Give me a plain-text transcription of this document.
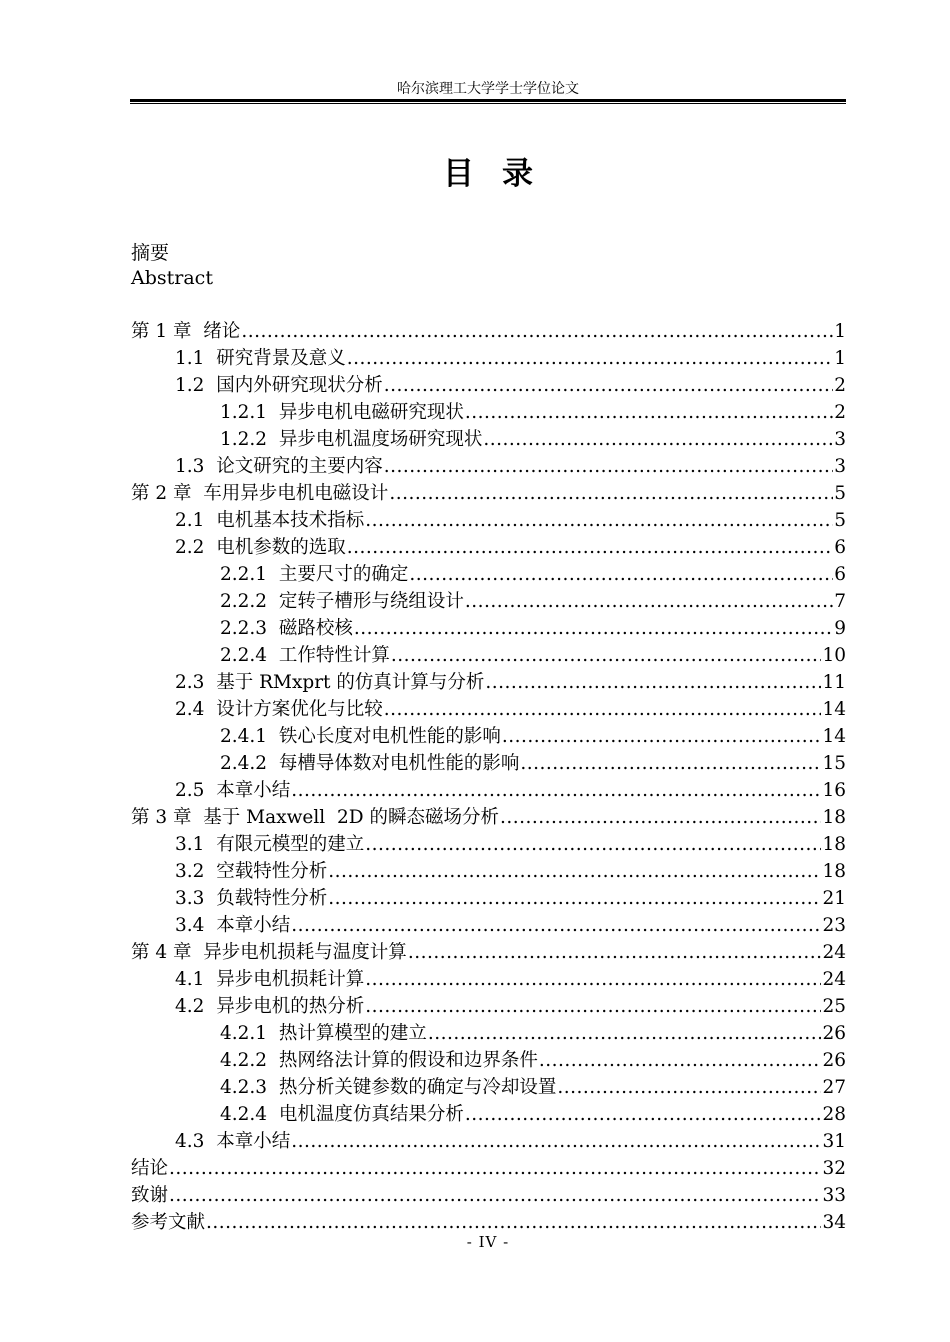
哈尔滨理工大学学士学位论文
目录
摘要
Abstract
第 1 章 绪论 .....	1
1.1 研究背景及意义 .....	1
1.2 国内外研究现状分析 .....	2
1.2.1 异步电机电磁研究现状 .....	2
1.2.2 异步电机温度场研究现状 .....	3
1.3 论文研究的主要内容 .....	3
第 2 章 车用异步电机电磁设计 .....	5
2.1 电机基本技术指标 .....	5
2.2 电机参数的选取 .....	6
2.2.1 主要尺寸的确定 .....	6
2.2.2 定转子槽形与绕组设计 .....	7
2.2.3 磁路校核 .....	9
2.2.4 工作特性计算 .....	10
2.3 基于 RMxprt 的仿真计算与分析 .....	11
2.4 设计方案优化与比较 .....	14
2.4.1 铁心长度对电机性能的影响 .....	14
2.4.2 每槽导体数对电机性能的影响 .....	15
2.5 本章小结 .....	16
第 3 章 基于 Maxwell  2D 的瞬态磁场分析 .....	18
3.1 有限元模型的建立 .....	18
3.2 空载特性分析 .....	18
3.3 负载特性分析 .....	21
3.4 本章小结 .....	23
第 4 章 异步电机损耗与温度计算 .....	24
4.1 异步电机损耗计算 .....	24
4.2 异步电机的热分析 .....	25
4.2.1 热计算模型的建立 .....	26
4.2.2 热网络法计算的假设和边界条件 .....	26
4.2.3 热分析关键参数的确定与冷却设置 .....	27
4.2.4 电机温度仿真结果分析 .....	28
4.3 本章小结 .....	31
结论 .....	32
致谢 .....	33
参考文献 .....	34
- IV -
